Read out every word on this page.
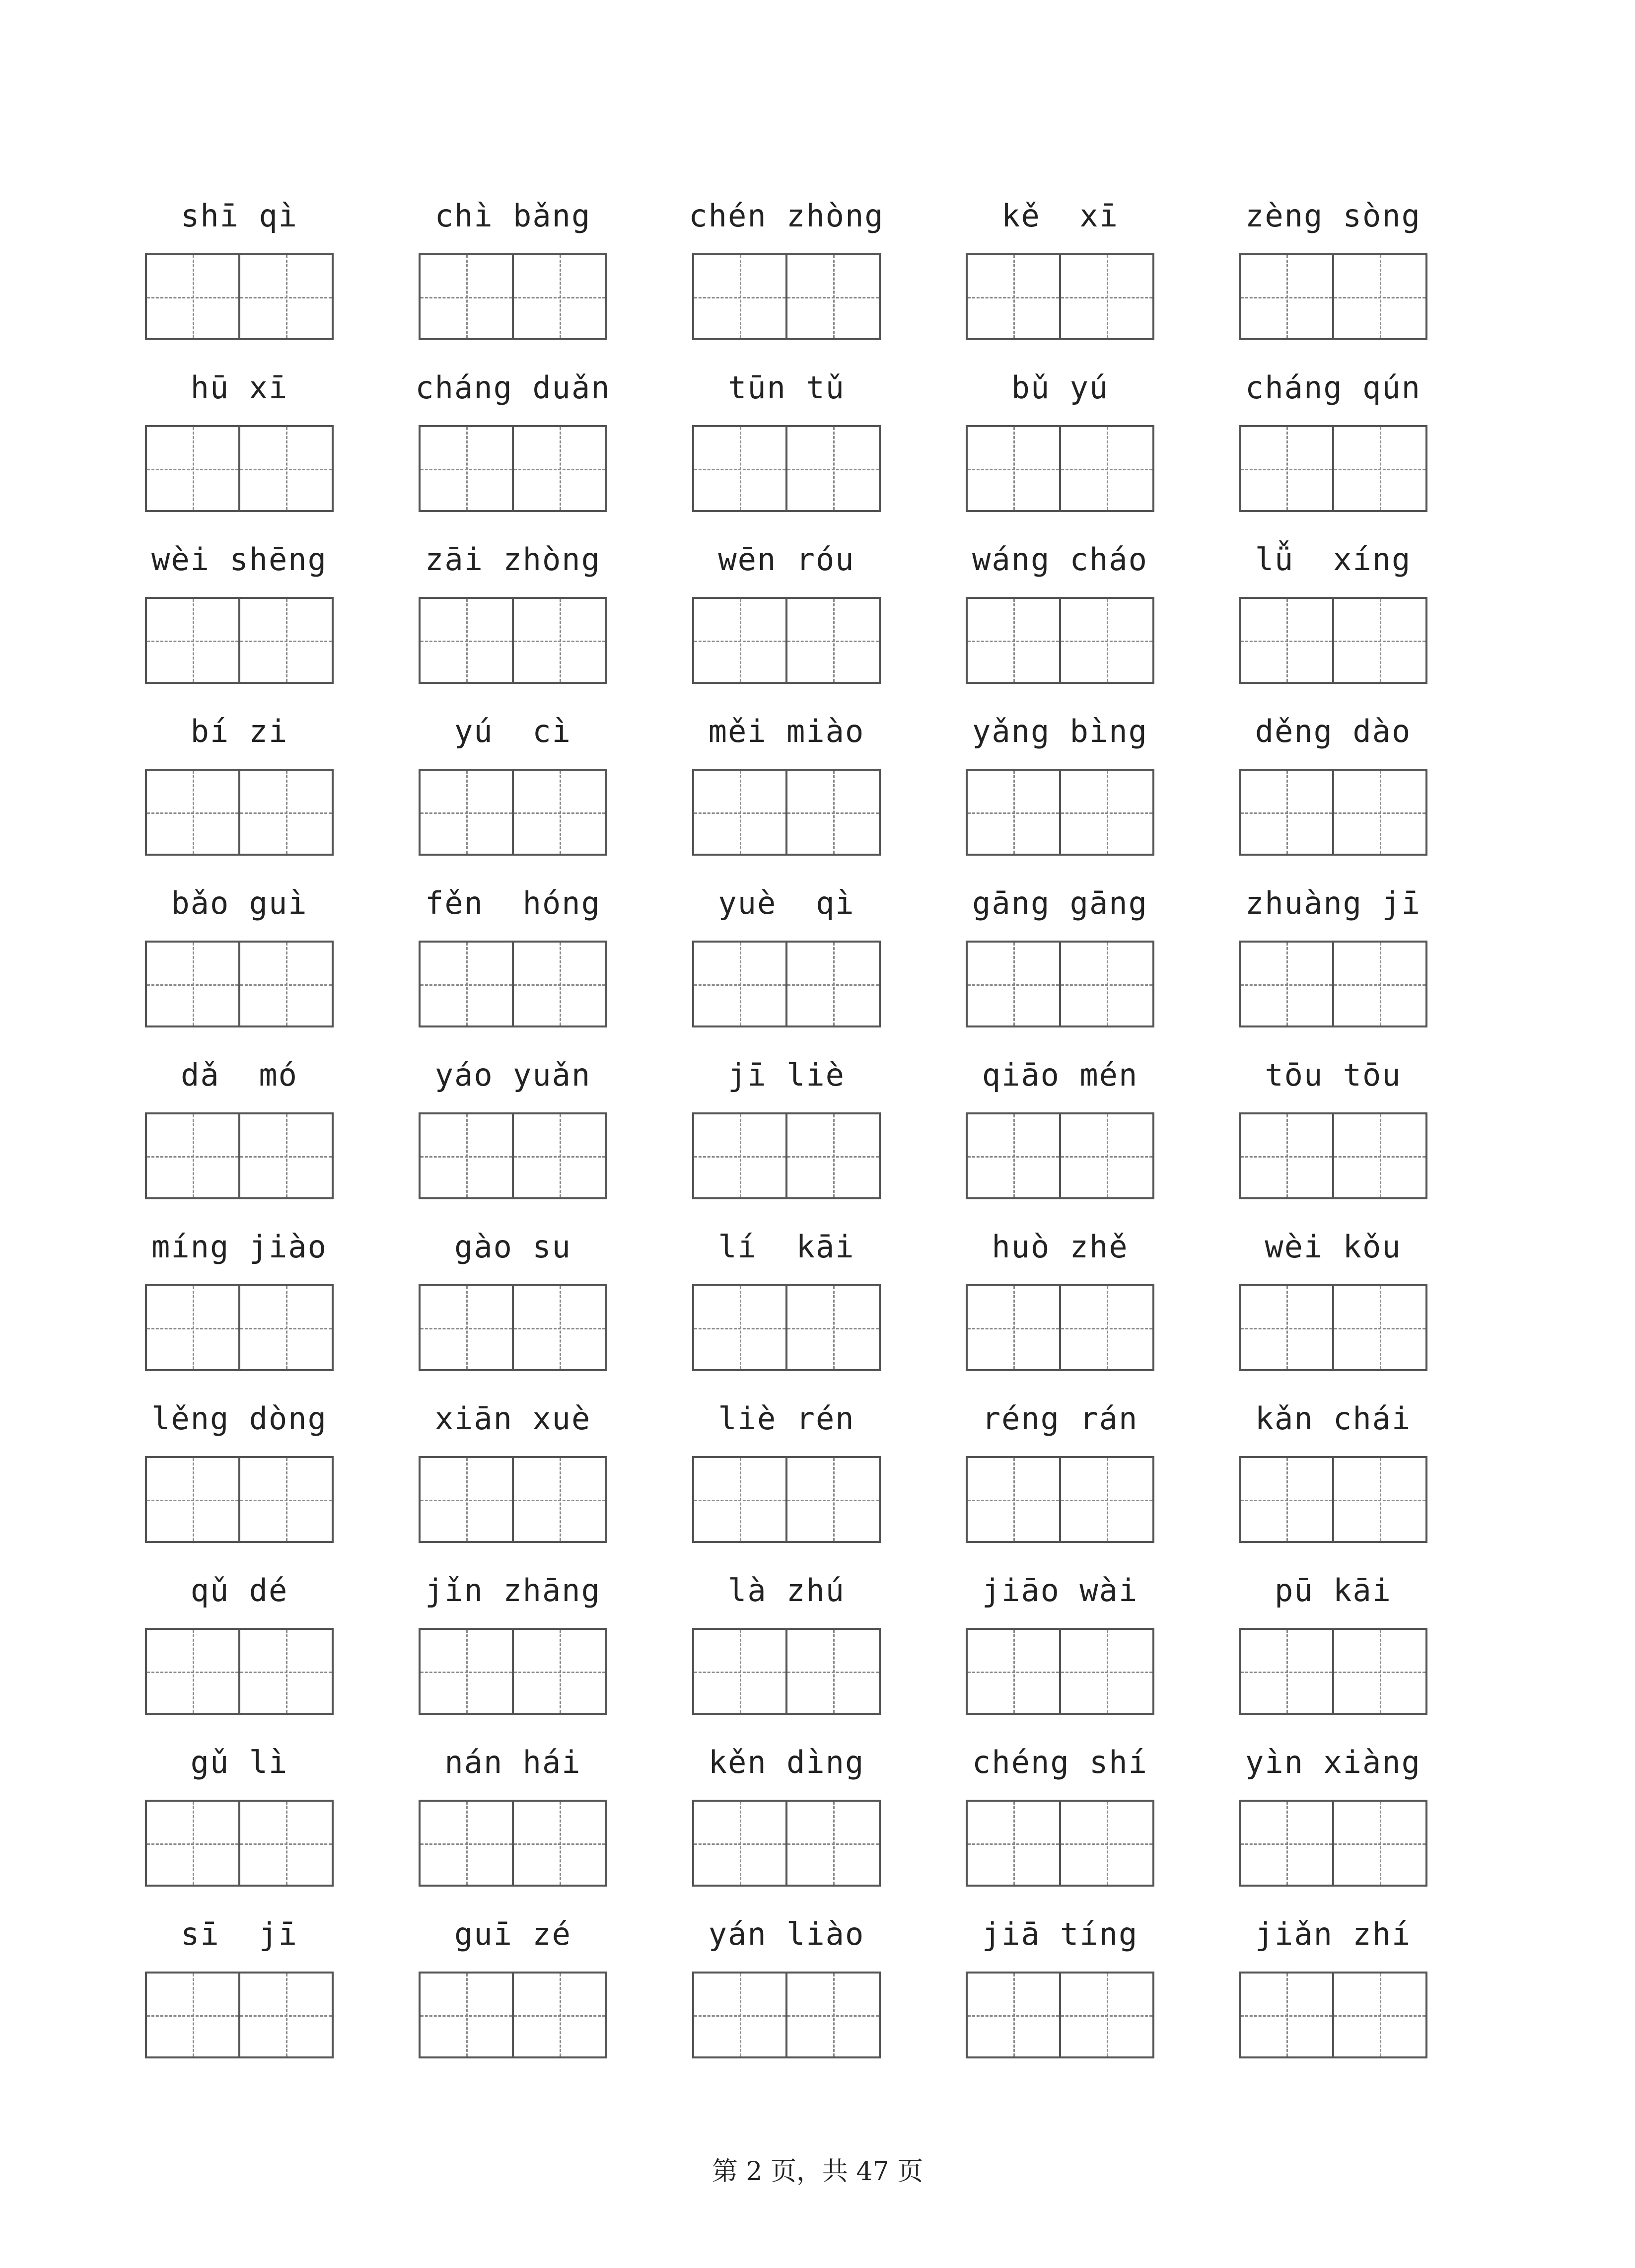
shī qì	chì bǎng	chén zhòng	kě  xī	zèng sòng
hū xī	cháng duǎn	tūn tǔ	bǔ yú	cháng qún
wèi shēng	zāi zhòng	wēn róu	wáng cháo	lǚ  xíng
bí zi	yú  cì	měi miào	yǎng bìng	děng dào
bǎo guì	fěn  hóng	yuè  qì	gāng gāng	zhuàng jī
dǎ  mó	yáo yuǎn	jī liè	qiāo mén	tōu tōu
míng jiào	gào su	lí  kāi	huò zhě	wèi kǒu
lěng dòng	xiān xuè	liè rén	réng rán	kǎn chái
qǔ dé	jǐn zhāng	là zhú	jiāo wài	pū kāi
gǔ lì	nán hái	kěn dìng	chéng shí	yìn xiàng
sī  jī	guī zé	yán liào	jiā tíng	jiǎn zhí
第 2 页，共 47 页
